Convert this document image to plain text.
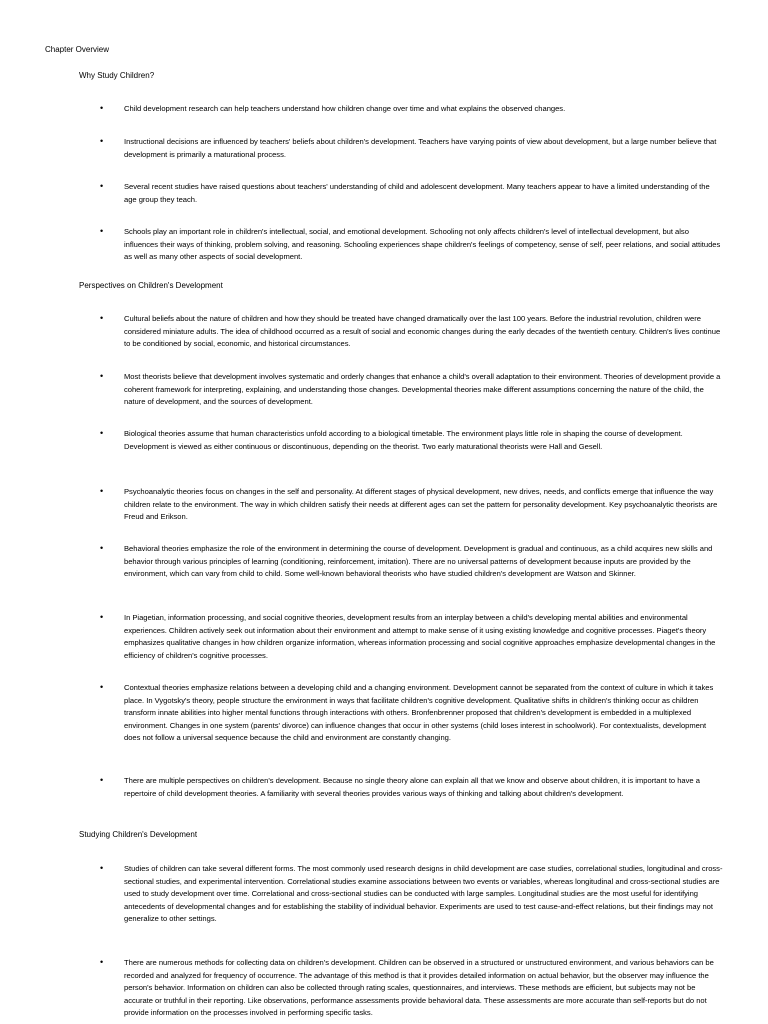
Chapter Overview
Why Study Children?
•	Child development research can help teachers understand how children change over time and what explains the observed changes.
•	Instructional decisions are influenced by teachers' beliefs about children's development. Teachers have varying points of view about development, but a large number believe that development is primarily a maturational process.
•	Several recent studies have raised questions about teachers' understanding of child and adolescent development. Many teachers appear to have a limited understanding of the age group they teach.
•	Schools play an important role in children's intellectual, social, and emotional development. Schooling not only affects children's level of intellectual development, but also influences their ways of thinking, problem solving, and reasoning. Schooling experiences shape children's feelings of competency, sense of self, peer relations, and social attitudes as well as many other aspects of social development.
Perspectives on Children's Development
•	Cultural beliefs about the nature of children and how they should be treated have changed dramatically over the last 100 years. Before the industrial revolution, children were considered miniature adults. The idea of childhood occurred as a result of social and economic changes during the early decades of the twentieth century. Children's lives continue to be conditioned by social, economic, and historical circumstances.
•	Most theorists believe that development involves systematic and orderly changes that enhance a child's overall adaptation to their environment. Theories of development provide a coherent framework for interpreting, explaining, and understanding those changes. Developmental theories make different assumptions concerning the nature of the child, the nature of development, and the sources of development.
•	Biological theories assume that human characteristics unfold according to a biological timetable. The environment plays little role in shaping the course of development. Development is viewed as either continuous or discontinuous, depending on the theorist. Two early maturational theorists were Hall and Gesell.
•	Psychoanalytic theories focus on changes in the self and personality. At different stages of physical development, new drives, needs, and conflicts emerge that influence the way children relate to the environment. The way in which children satisfy their needs at different ages can set the pattern for personality development. Key psychoanalytic theorists are Freud and Erikson.
•	Behavioral theories emphasize the role of the environment in determining the course of development. Development is gradual and continuous, as a child acquires new skills and behavior through various principles of learning (conditioning, reinforcement, imitation). There are no universal patterns of development because inputs are provided by the environment, which can vary from child to child. Some well-known behavioral theorists who have studied children's development are Watson and Skinner.
•	In Piagetian, information processing, and social cognitive theories, development results from an interplay between a child's developing mental abilities and environmental experiences. Children actively seek out information about their environment and attempt to make sense of it using existing knowledge and cognitive processes. Piaget's theory emphasizes qualitative changes in how children organize information, whereas information processing and social cognitive approaches emphasize developmental changes in the efficiency of children's cognitive processes.
•	Contextual theories emphasize relations between a developing child and a changing environment. Development cannot be separated from the context of culture in which it takes place. In Vygotsky's theory, people structure the environment in ways that facilitate children's cognitive development. Qualitative shifts in children's thinking occur as children transform innate abilities into higher mental functions through interactions with others. Bronfenbrenner proposed that children's development is embedded in a multiplexed environment. Changes in one system (parents' divorce) can influence changes that occur in other systems (child loses interest in schoolwork). For contextualists, development does not follow a universal sequence because the child and environment are constantly changing.
•	There are multiple perspectives on children's development. Because no single theory alone can explain all that we know and observe about children, it is important to have a repertoire of child development theories. A familiarity with several theories provides various ways of thinking and talking about children's development.
Studying Children's Development
•	Studies of children can take several different forms. The most commonly used research designs in child development are case studies, correlational studies, longitudinal and cross-sectional studies, and experimental intervention. Correlational studies examine associations between two events or variables, whereas longitudinal and cross-sectional studies are used to study development over time. Correlational and cross-sectional studies can be conducted with large samples. Longitudinal studies are the most useful for identifying antecedents of developmental changes and for establishing the stability of individual behavior. Experiments are used to test cause-and-effect relations, but their findings may not generalize to other settings.
•	There are numerous methods for collecting data on children's development. Children can be observed in a structured or unstructured environment, and various behaviors can be recorded and analyzed for frequency of occurrence. The advantage of this method is that it provides detailed information on actual behavior, but the observer may influence the person's behavior. Information on children can also be collected through rating scales, questionnaires, and interviews. These methods are efficient, but subjects may not be accurate or truthful in their reporting. Like observations, performance assessments provide behavioral data. These assessments are more accurate than self-reports but do not provide information on the processes involved in performing specific tasks.
